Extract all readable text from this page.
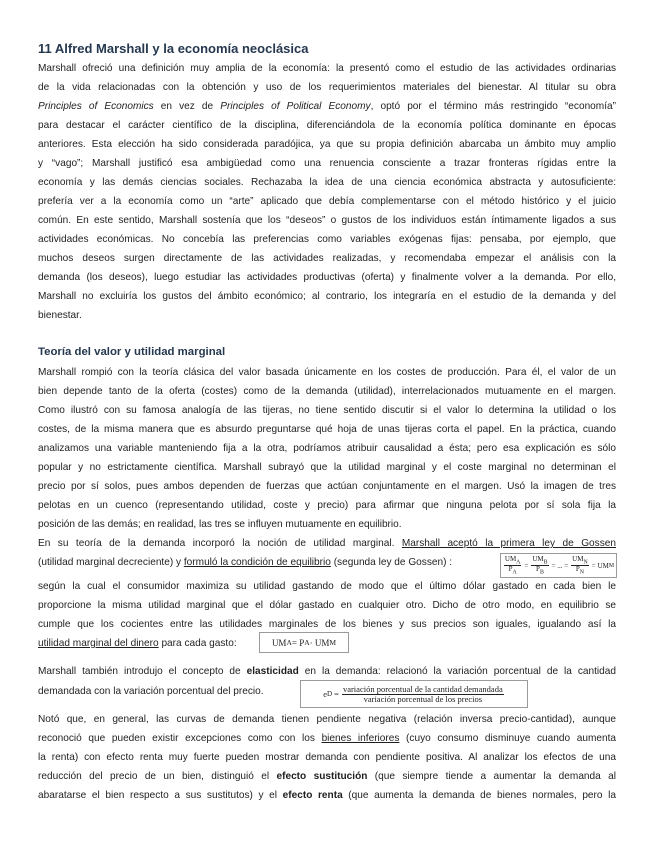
11 Alfred Marshall y la economía neoclásica
Marshall ofreció una definición muy amplia de la economía: la presentó como el estudio de las actividades ordinarias
de la vida relacionadas con la obtención y uso de los requerimientos materiales del bienestar. Al titular su obra
Principles of Economics en vez de Principles of Political Economy, optó por el término más restringido “economía”
para destacar el carácter científico de la disciplina, diferenciándola de la economía política dominante en épocas
anteriores. Esta elección ha sido considerada paradójica, ya que su propia definición abarcaba un ámbito muy amplio
y “vago”; Marshall justificó esa ambigüedad como una renuencia consciente a trazar fronteras rígidas entre la
economía y las demás ciencias sociales. Rechazaba la idea de una ciencia económica abstracta y autosuficiente:
prefería ver a la economía como un “arte” aplicado que debía complementarse con el método histórico y el juicio
común. En este sentido, Marshall sostenía que los “deseos” o gustos de los individuos están íntimamente ligados a sus
actividades económicas. No concebía las preferencias como variables exógenas fijas: pensaba, por ejemplo, que
muchos deseos surgen directamente de las actividades realizadas, y recomendaba empezar el análisis con la
demanda (los deseos), luego estudiar las actividades productivas (oferta) y finalmente volver a la demanda. Por ello,
Marshall no excluiría los gustos del ámbito económico; al contrario, los integraría en el estudio de la demanda y del
bienestar.
Teoría del valor y utilidad marginal
Marshall rompió con la teoría clásica del valor basada únicamente en los costes de producción. Para él, el valor de un
bien depende tanto de la oferta (costes) como de la demanda (utilidad), interrelacionados mutuamente en el margen.
Como ilustró con su famosa analogía de las tijeras, no tiene sentido discutir si el valor lo determina la utilidad o los
costes, de la misma manera que es absurdo preguntarse qué hoja de unas tijeras corta el papel. En la práctica, cuando
analizamos una variable manteniendo fija a la otra, podríamos atribuir causalidad a ésta; pero esa explicación es sólo
popular y no estrictamente científica. Marshall subrayó que la utilidad marginal y el coste marginal no determinan el
precio por sí solos, pues ambos dependen de fuerzas que actúan conjuntamente en el margen. Usó la imagen de tres
pelotas en un cuenco (representando utilidad, coste y precio) para afirmar que ninguna pelota por sí sola fija la
posición de las demás; en realidad, las tres se influyen mutuamente en equilibrio.
En su teoría de la demanda incorporó la noción de utilidad marginal. Marshall aceptó la primera ley de Gossen
(utilidad marginal decreciente) y formuló la condición de equilibrio (segunda ley de Gossen) :	$\frac{UM_A}{P_A} = \frac{UM_B}{P_B}$ = ... = $\frac{UM_N}{P_N}$ = UM M
según la cual el consumidor maximiza su utilidad gastando de modo que el último dólar gastado en cada bien le
proporcione la misma utilidad marginal que el dólar gastado en cualquier otro. Dicho de otro modo, en equilibrio se
cumple que los cocientes entre las utilidades marginales de los bienes y sus precios son iguales, igualando así la
utilidad marginal del dinero para cada gasto:	UM A = P A · UM M
Marshall también introdujo el concepto de elasticidad en la demanda: relacionó la variación porcentual de la cantidad
demandada con la variación porcentual del precio.	e $D = \frac{\text{variación porcentual de la cantidad demandada}}{\text{variación porcentual de los precios}}$
Notó que, en general, las curvas de demanda tienen pendiente negativa (relación inversa precio-cantidad), aunque
reconoció que pueden existir excepciones como con los bienes inferiores (cuyo consumo disminuye cuando aumenta
la renta) con efecto renta muy fuerte pueden mostrar demanda con pendiente positiva. Al analizar los efectos de una
reducción del precio de un bien, distinguió el efecto sustitución (que siempre tiende a aumentar la demanda al
abaratarse el bien respecto a sus sustitutos) y el efecto renta (que aumenta la demanda de bienes normales, pero la
